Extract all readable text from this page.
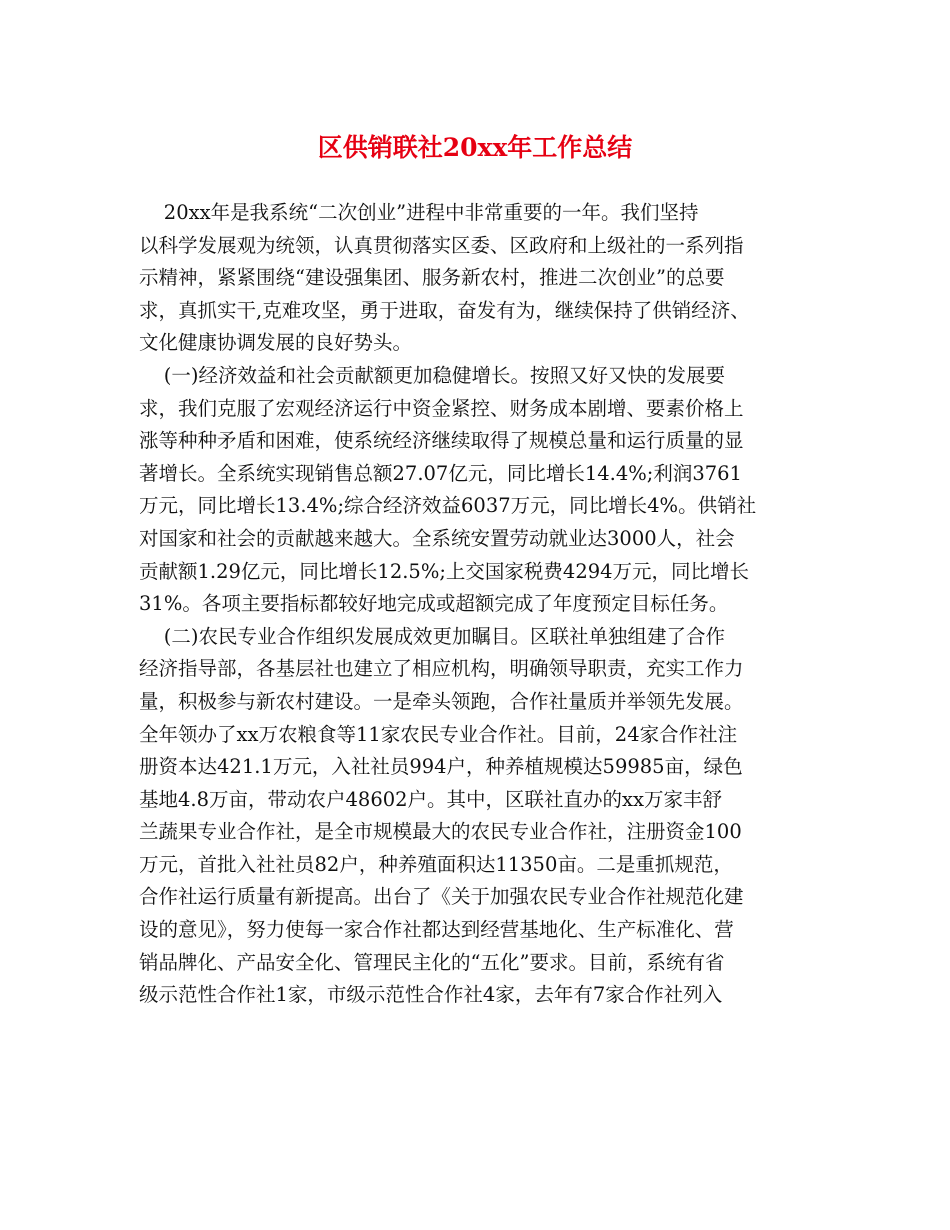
区供销联社20xx年工作总结
20xx年是我系统“二次创业”进程中非常重要的一年。我们坚持
以科学发展观为统领，认真贯彻落实区委、区政府和上级社的一系列指
示精神，紧紧围绕“建设强集团、服务新农村，推进二次创业”的总要
求，真抓实干,克难攻坚，勇于进取，奋发有为，继续保持了供销经济、
文化健康协调发展的良好势头。
(一)经济效益和社会贡献额更加稳健增长。按照又好又快的发展要
求，我们克服了宏观经济运行中资金紧控、财务成本剧增、要素价格上
涨等种种矛盾和困难，使系统经济继续取得了规模总量和运行质量的显
著增长。全系统实现销售总额27.07亿元，同比增长14.4%;利润3761
万元，同比增长13.4%;综合经济效益6037万元，同比增长4%。供销社
对国家和社会的贡献越来越大。全系统安置劳动就业达3000人，社会
贡献额1.29亿元，同比增长12.5%;上交国家税费4294万元，同比增长
31%。各项主要指标都较好地完成或超额完成了年度预定目标任务。
(二)农民专业合作组织发展成效更加瞩目。区联社单独组建了合作
经济指导部，各基层社也建立了相应机构，明确领导职责，充实工作力
量，积极参与新农村建设。一是牵头领跑，合作社量质并举领先发展。
全年领办了xx万农粮食等11家农民专业合作社。目前，24家合作社注
册资本达421.1万元，入社社员994户，种养植规模达59985亩，绿色
基地4.8万亩，带动农户48602户。其中，区联社直办的xx万家丰舒
兰蔬果专业合作社，是全市规模最大的农民专业合作社，注册资金100
万元，首批入社社员82户，种养殖面积达11350亩。二是重抓规范，
合作社运行质量有新提高。出台了《关于加强农民专业合作社规范化建
设的意见》，努力使每一家合作社都达到经营基地化、生产标准化、营
销品牌化、产品安全化、管理民主化的“五化”要求。目前，系统有省
级示范性合作社1家，市级示范性合作社4家，去年有7家合作社列入
